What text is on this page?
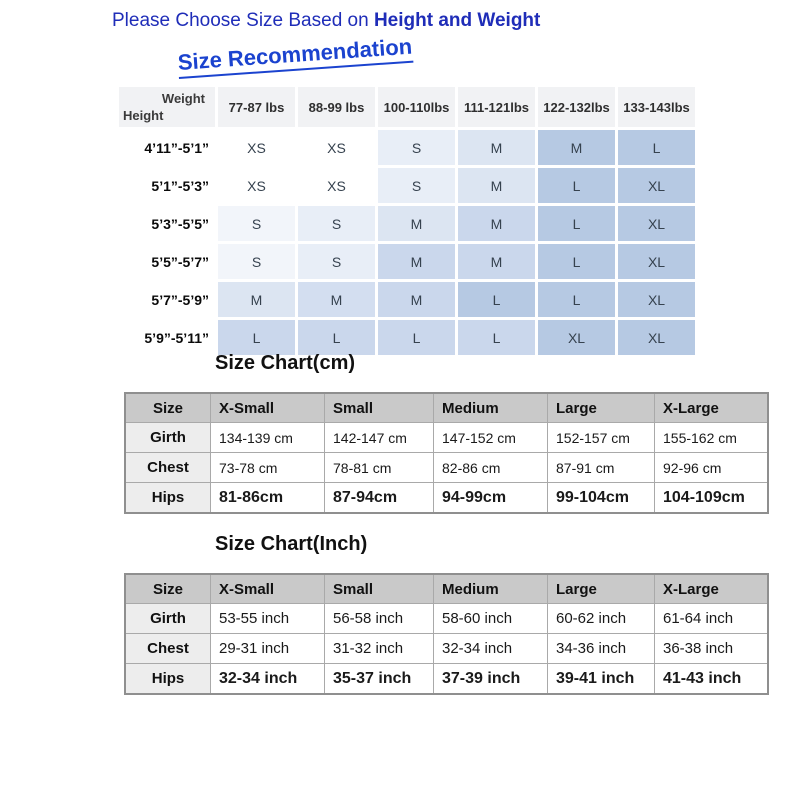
Please Choose Size Based on Height and Weight
Size Recommendation
Weight
Height	77-87 lbs	88-99 lbs	100-110lbs	111-121lbs	122-132lbs	133-143lbs
4’11”-5’1”	XS	XS	S	M	M	L
5’1”-5’3”	XS	XS	S	M	L	XL
5’3”-5’5”	S	S	M	M	L	XL
5’5”-5’7”	S	S	M	M	L	XL
5’7”-5’9”	M	M	M	L	L	XL
5’9”-5’11”	L	L	L	L	XL	XL
Size Chart(cm)
Size	X-Small	Small	Medium	Large	X-Large
Girth	134-139 cm	142-147 cm	147-152 cm	152-157 cm	155-162 cm
Chest	73-78 cm	78-81 cm	82-86 cm	87-91 cm	92-96 cm
Hips	81-86cm	87-94cm	94-99cm	99-104cm	104-109cm
Size Chart(Inch)
Size	X-Small	Small	Medium	Large	X-Large
Girth	53-55 inch	56-58 inch	58-60 inch	60-62 inch	61-64 inch
Chest	29-31 inch	31-32 inch	32-34 inch	34-36 inch	36-38 inch
Hips	32-34 inch	35-37 inch	37-39 inch	39-41 inch	41-43 inch
